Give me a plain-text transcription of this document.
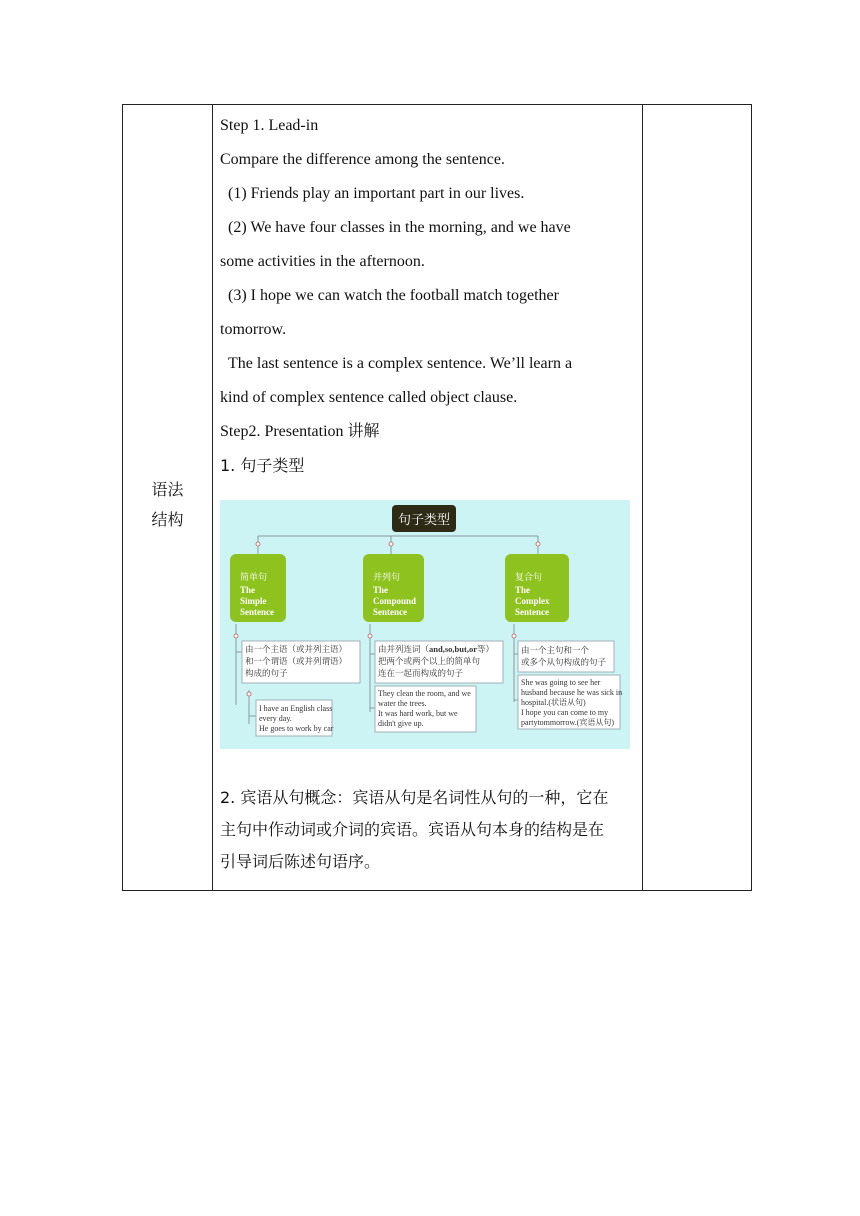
语法
结构

Step 1. Lead-in

Compare the difference among the sentence.

(1) Friends play an important part in our lives.

(2) We have four classes in the morning, and we have

some activities in the afternoon.

(3) I hope we can watch the football match together

tomorrow.

The last sentence is a complex sentence. We’ll learn a

kind of complex sentence called object clause.

Step2. Presentation 讲解

1. 句子类型

句子类型
简单句
The
Simple
Sentence
并列句
The
Compound
Sentence
复合句
The
Complex
Sentence
由一个主语（或并列主语）
和一个谓语（或并列谓语）
构成的句子
由并列连词（and,so,but,or等）
把两个或两个以上的简单句
连在一起而构成的句子
由一个主句和一个
或多个从句构成的句子
I have an English class
every day.
He goes to work by car
They clean the room, and we
water the trees.
It was hard work, but we
didn't give up.
She was going to see her
husband because he was sick in
hospital.(状语从句)
I hope you can come to my
partytommorrow.(宾语从句)

2. 宾语从句概念：宾语从句是名词性从句的一种，它在

主句中作动词或介词的宾语。宾语从句本身的结构是在

引导词后陈述句语序。
